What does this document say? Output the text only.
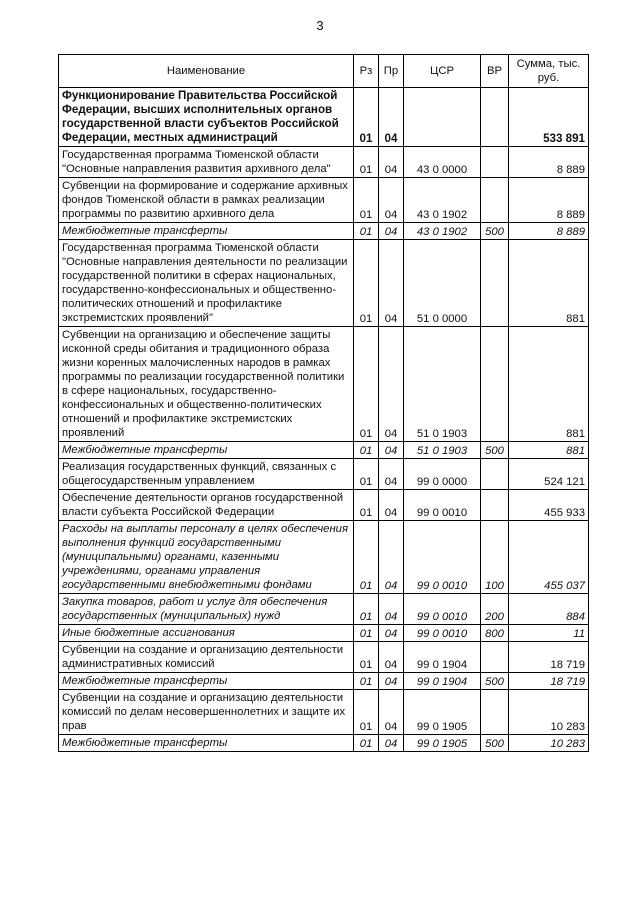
3
Наименование	Рз	Пр	ЦСР	ВР	Сумма, тыс. руб.
Функционирование Правительства Российской Федерации, высших исполнительных органов государственной власти субъектов Российской Федерации, местных администраций	01	04			533 891
Государственная программа Тюменской области "Основные направления развития архивного дела"	01	04	43 0 0000		8 889
Субвенции на формирование и содержание архивных фондов Тюменской области в рамках реализации программы по развитию архивного дела	01	04	43 0 1902		8 889
Межбюджетные трансферты	01	04	43 0 1902	500	8 889
Государственная программа Тюменской области "Основные направления деятельности по реализации государственной политики в сферах национальных, государственно-конфессиональных и общественно-политических отношений и профилактике экстремистских проявлений"	01	04	51 0 0000		881
Субвенции на организацию и обеспечение защиты исконной среды обитания и традиционного образа жизни коренных малочисленных народов в рамках программы по реализации государственной политики в сфере национальных, государственно-конфессиональных и общественно-политических отношений и профилактике экстремистских проявлений	01	04	51 0 1903		881
Межбюджетные трансферты	01	04	51 0 1903	500	881
Реализация государственных функций, связанных с общегосударственным управлением	01	04	99 0 0000		524 121
Обеспечение деятельности органов государственной власти субъекта Российской Федерации	01	04	99 0 0010		455 933
Расходы на выплаты персоналу в целях обеспечения выполнения функций государственными (муниципальными) органами, казенными учреждениями, органами управления государственными внебюджетными фондами	01	04	99 0 0010	100	455 037
Закупка товаров, работ и услуг для обеспечения государственных (муниципальных) нужд	01	04	99 0 0010	200	884
Иные бюджетные ассигнования	01	04	99 0 0010	800	11
Субвенции на создание и организацию деятельности административных комиссий	01	04	99 0 1904		18 719
Межбюджетные трансферты	01	04	99 0 1904	500	18 719
Субвенции на создание и организацию деятельности комиссий по делам несовершеннолетних и защите их прав	01	04	99 0 1905		10 283
Межбюджетные трансферты	01	04	99 0 1905	500	10 283
